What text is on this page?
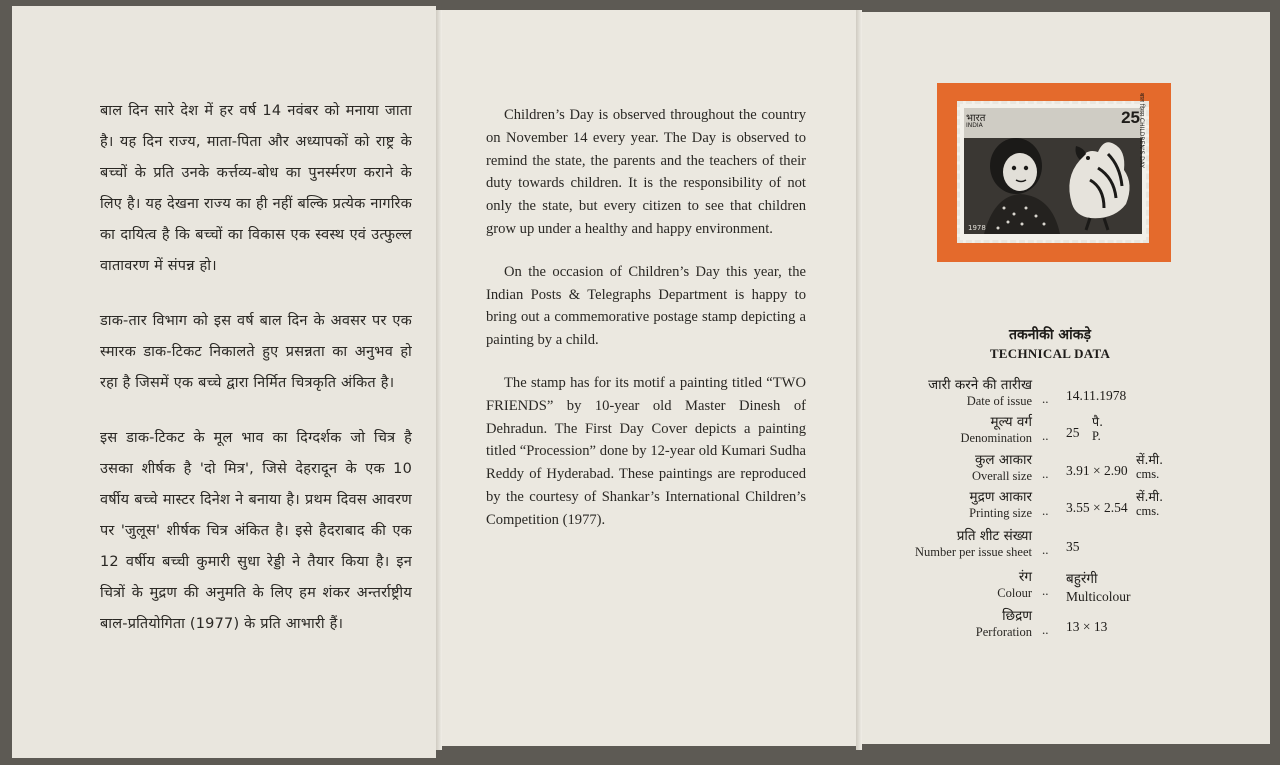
बाल दिन सारे देश में हर वर्ष 14 नवंबर को मनाया जाता है। यह दिन राज्य, माता-पिता और अध्यापकों को राष्ट्र के बच्चों के प्रति उनके कर्त्तव्य-बोध का पुनर्स्मरण कराने के लिए है। यह देखना राज्य का ही नहीं बल्कि प्रत्येक नागरिक का दायित्व है कि बच्चों का विकास एक स्वस्थ एवं उत्फुल्ल वातावरण में संपन्न हो।

डाक-तार विभाग को इस वर्ष बाल दिन के अवसर पर एक स्मारक डाक-टिकट निकालते हुए प्रसन्नता का अनुभव हो रहा है जिसमें एक बच्चे द्वारा निर्मित चित्रकृति अंकित है।

इस डाक-टिकट के मूल भाव का दिग्दर्शक जो चित्र है उसका शीर्षक है 'दो मित्र', जिसे देहरादून के एक 10 वर्षीय बच्चे मास्टर दिनेश ने बनाया है। प्रथम दिवस आवरण पर 'जुलूस' शीर्षक चित्र अंकित है। इसे हैदराबाद की एक 12 वर्षीय बच्ची कुमारी सुधा रेड्डी ने तैयार किया है। इन चित्रों के मुद्रण की अनुमति के लिए हम शंकर अन्तर्राष्ट्रीय बाल-प्रतियोगिता (1977) के प्रति आभारी हैं।

Children’s Day is observed throughout the country on November 14 every year. The Day is observed to remind the state, the parents and the teachers of their duty towards children. It is the responsibility of not only the state, but every citizen to see that children grow up under a healthy and happy environment.

On the occasion of Children’s Day this year, the Indian Posts & Telegraphs Department is happy to bring out a commemorative postage stamp depicting a painting by a child.

The stamp has for its motif a painting titled “TWO FRIENDS” by 10-year old Master Dinesh of Dehradun. The First Day Cover depicts a painting titled “Procession” done by 12-year old Kumari Sudha Reddy of Hyderabad. These paintings are reproduced by the courtesy of Shankar’s International Children’s Competition (1977).

1978
भारत
INDIA	25
बाल दिवस CHILDREN'S DAY
तकनीकी आंकड़े
TECHNICAL DATA
जारी करने की तारीख
Date of issue .. 14.11.1978
मूल्य वर्ग
Denomination .. 25
पै.
P.
कुल आकार
Overall size .. 3.91 × 2.90
सें.मी.
cms.
मुद्रण आकार
Printing size .. 3.55 × 2.54
सें.मी.
cms.
प्रति शीट संख्या
Number per issue sheet .. 35
रंग
Colour ..
बहुरंगी
Multicolour
छिद्रण
Perforation .. 13 × 13
